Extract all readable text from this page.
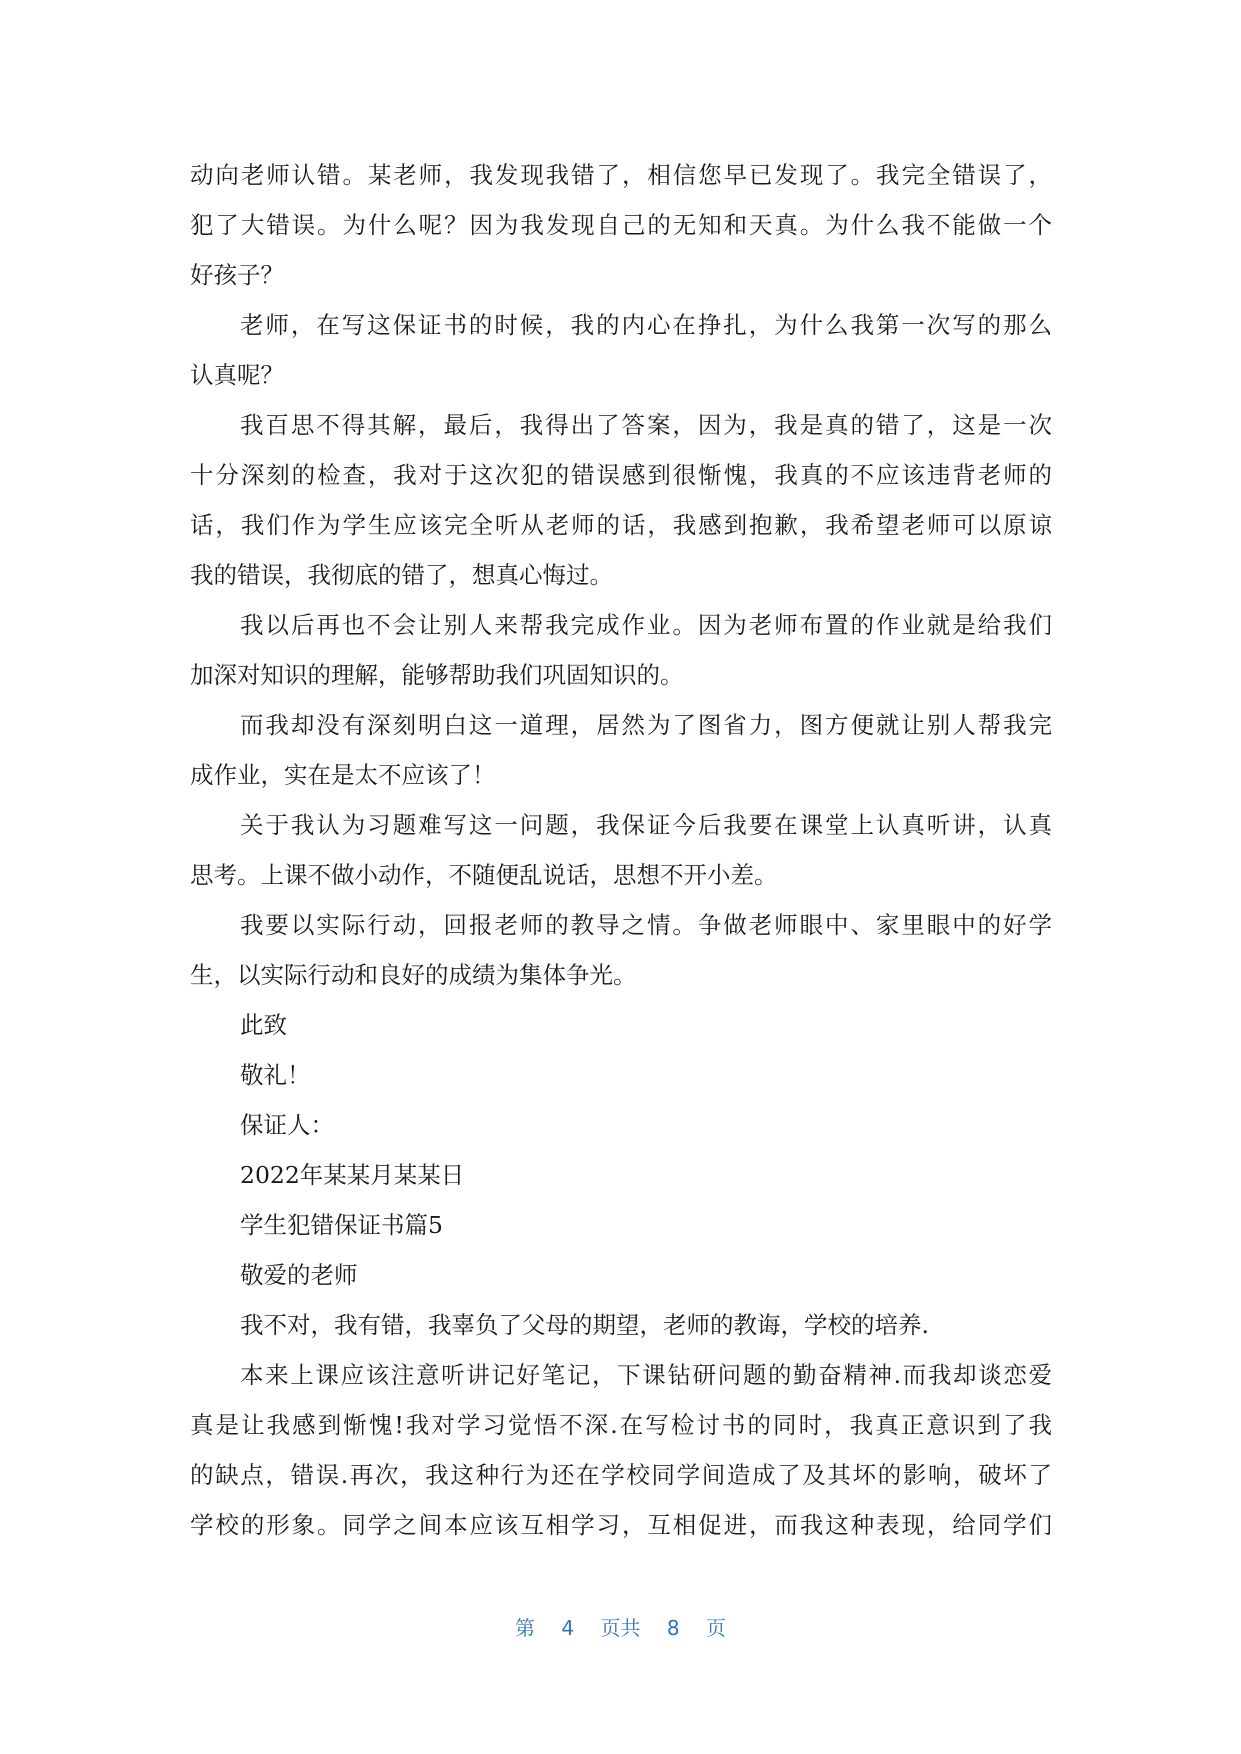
动向老师认错。某老师，我发现我错了，相信您早已发现了。我完全错误了，
犯了大错误。为什么呢？因为我发现自己的无知和天真。为什么我不能做一个
好孩子？
老师，在写这保证书的时候，我的内心在挣扎，为什么我第一次写的那么
认真呢？
我百思不得其解，最后，我得出了答案，因为，我是真的错了，这是一次
十分深刻的检查，我对于这次犯的错误感到很惭愧，我真的不应该违背老师的
话，我们作为学生应该完全听从老师的话，我感到抱歉，我希望老师可以原谅
我的错误，我彻底的错了，想真心悔过。
我以后再也不会让别人来帮我完成作业。因为老师布置的作业就是给我们
加深对知识的理解，能够帮助我们巩固知识的。
而我却没有深刻明白这一道理，居然为了图省力，图方便就让别人帮我完
成作业，实在是太不应该了！
关于我认为习题难写这一问题，我保证今后我要在课堂上认真听讲，认真
思考。上课不做小动作，不随便乱说话，思想不开小差。
我要以实际行动，回报老师的教导之情。争做老师眼中、家里眼中的好学
生，以实际行动和良好的成绩为集体争光。
此致
敬礼！
保证人：
2022年某某月某某日
学生犯错保证书篇5
敬爱的老师
我不对，我有错，我辜负了父母的期望，老师的教诲，学校的培养.
本来上课应该注意听讲记好笔记，下课钻研问题的勤奋精神.而我却谈恋爱
真是让我感到惭愧!我对学习觉悟不深.在写检讨书的同时，我真正意识到了我
的缺点，错误.再次，我这种行为还在学校同学间造成了及其坏的影响，破坏了
学校的形象。同学之间本应该互相学习，互相促进，而我这种表现，给同学们
第 4 页共 8 页
